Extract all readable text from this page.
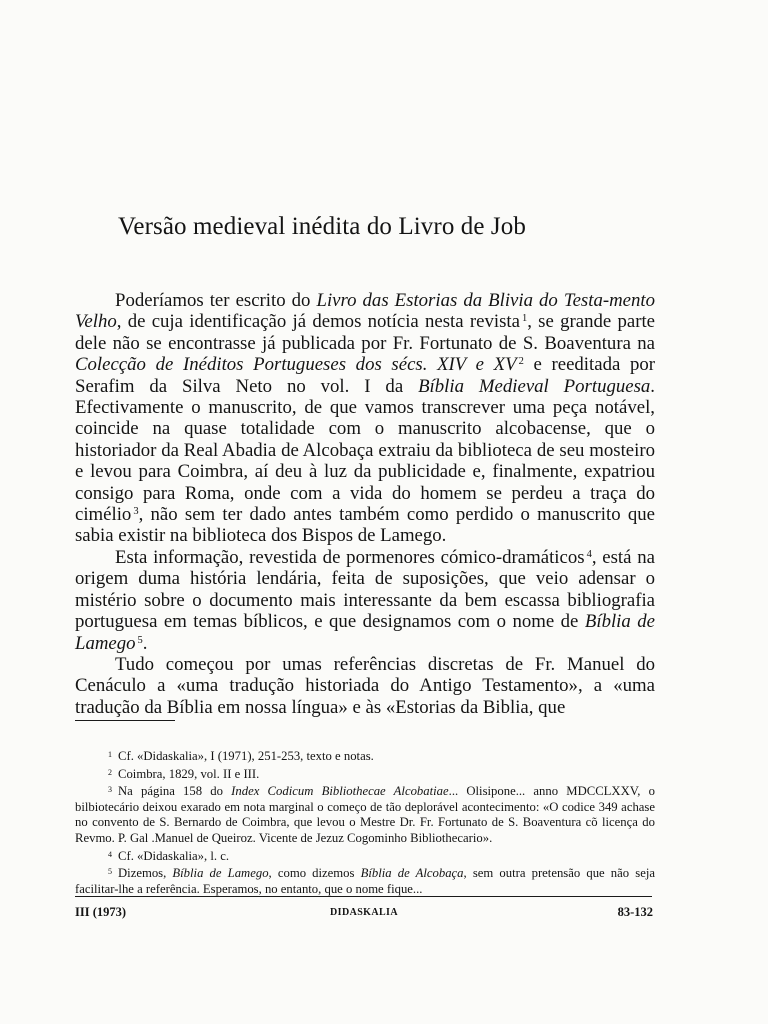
Versão medieval inédita do Livro de Job

Poderíamos ter escrito do Livro das Estorias da Blivia do Testa-mento Velho, de cuja identificação já demos notícia nesta revista $^1$, se grande parte dele não se encontrasse já publicada por Fr. Fortunato de S. Boaventura na Colecção de Inéditos Portugueses dos sécs. XIV e XV $^2$ e reeditada por Serafim da Silva Neto no vol. I da Bíblia Medieval Portuguesa. Efectivamente o manuscrito, de que vamos transcrever uma peça notável, coincide na quase totalidade com o manuscrito alcobacense, que o historiador da Real Abadia de Alcobaça extraiu da biblioteca de seu mosteiro e levou para Coimbra, aí deu à luz da publicidade e, finalmente, expatriou consigo para Roma, onde com a vida do homem se perdeu a traça do cimélio $^3$, não sem ter dado antes também como perdido o manuscrito que sabia existir na biblioteca dos Bispos de Lamego.

Esta informação, revestida de pormenores cómico-dramáticos $^4$, está na origem duma história lendária, feita de suposições, que veio adensar o mistério sobre o documento mais interessante da bem escassa bibliografia portuguesa em temas bíblicos, e que designamos com o nome de Bíblia de Lamego $^5$.

Tudo começou por umas referências discretas de Fr. Manuel do Cenáculo a «uma tradução historiada do Antigo Testamento», a «uma tradução da Bíblia em nossa língua» e às «Estorias da Biblia, que

$^1$ Cf. «Didaskalia», I (1971), 251-253, texto e notas.

$^2$ Coimbra, 1829, vol. II e III.

$^3$ Na página 158 do Index Codicum Bibliothecae Alcobatiae... Olisipone... anno MDCCLXXV, o bilbiotecário deixou exarado em nota marginal o começo de tão deplorável acontecimento: «O codice 349 achase no convento de S. Bernardo de Coimbra, que levou o Mestre Dr. Fr. Fortunato de S. Boaventura cõ licença do Revmo. P. Gal .Manuel de Queiroz. Vicente de Jezuz Cogominho Bibliothecario».

$^4$ Cf. «Didaskalia», l. c.

$^5$ Dizemos, Bíblia de Lamego, como dizemos Bíblia de Alcobaça, sem outra pretensão que não seja facilitar-lhe a referência. Esperamos, no entanto, que o nome fique...

III (1973)	DIDASKALIA	83-132
